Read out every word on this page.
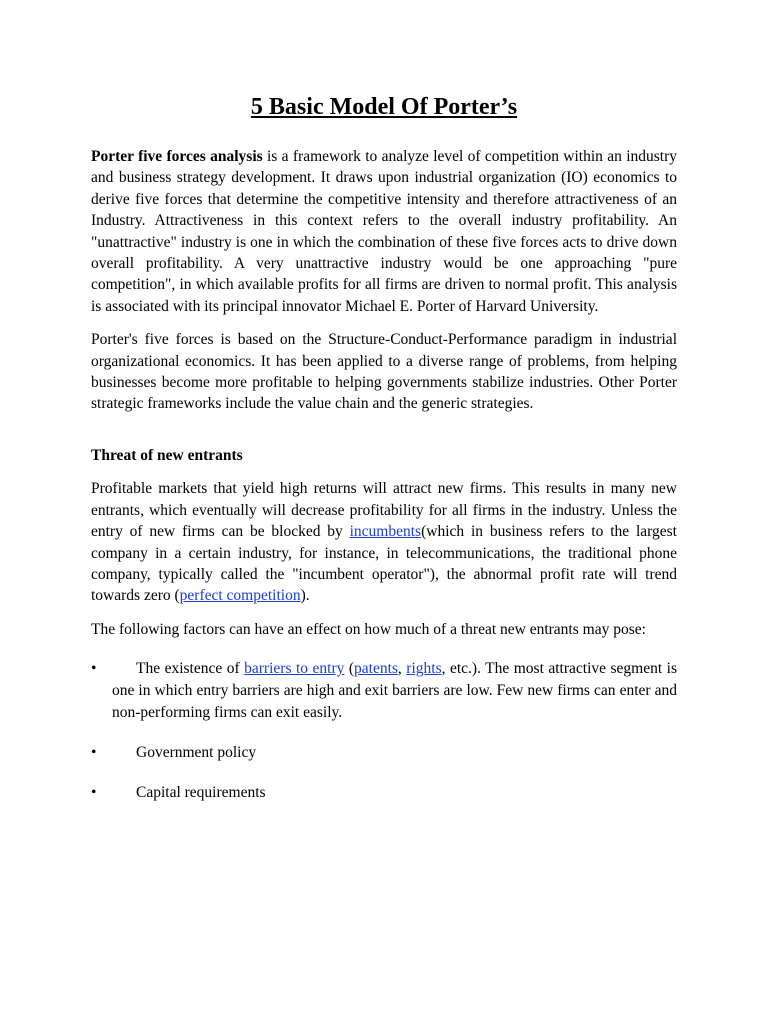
5 Basic Model Of Porter’s

Porter five forces analysis is a framework to analyze level of competition within an industry and business strategy development. It draws upon industrial organization (IO) economics to derive five forces that determine the competitive intensity and therefore attractiveness of an Industry. Attractiveness in this context refers to the overall industry profitability. An "unattractive" industry is one in which the combination of these five forces acts to drive down overall profitability. A very unattractive industry would be one approaching "pure competition", in which available profits for all firms are driven to normal profit. This analysis is associated with its principal innovator Michael E. Porter of Harvard University.

Porter's five forces is based on the Structure-Conduct-Performance paradigm in industrial organizational economics. It has been applied to a diverse range of problems, from helping businesses become more profitable to helping governments stabilize industries. Other Porter strategic frameworks include the value chain and the generic strategies.

Threat of new entrants

Profitable markets that yield high returns will attract new firms. This results in many new entrants, which eventually will decrease profitability for all firms in the industry. Unless the entry of new firms can be blocked by incumbents(which in business refers to the largest company in a certain industry, for instance, in telecommunications, the traditional phone company, typically called the "incumbent operator"), the abnormal profit rate will trend towards zero (perfect competition).

The following factors can have an effect on how much of a threat new entrants may pose:

•	The existence of barriers to entry (patents, rights, etc.). The most attractive segment is one in which entry barriers are high and exit barriers are low. Few new firms can enter and non-performing firms can exit easily.
•	Government policy
•	Capital requirements
